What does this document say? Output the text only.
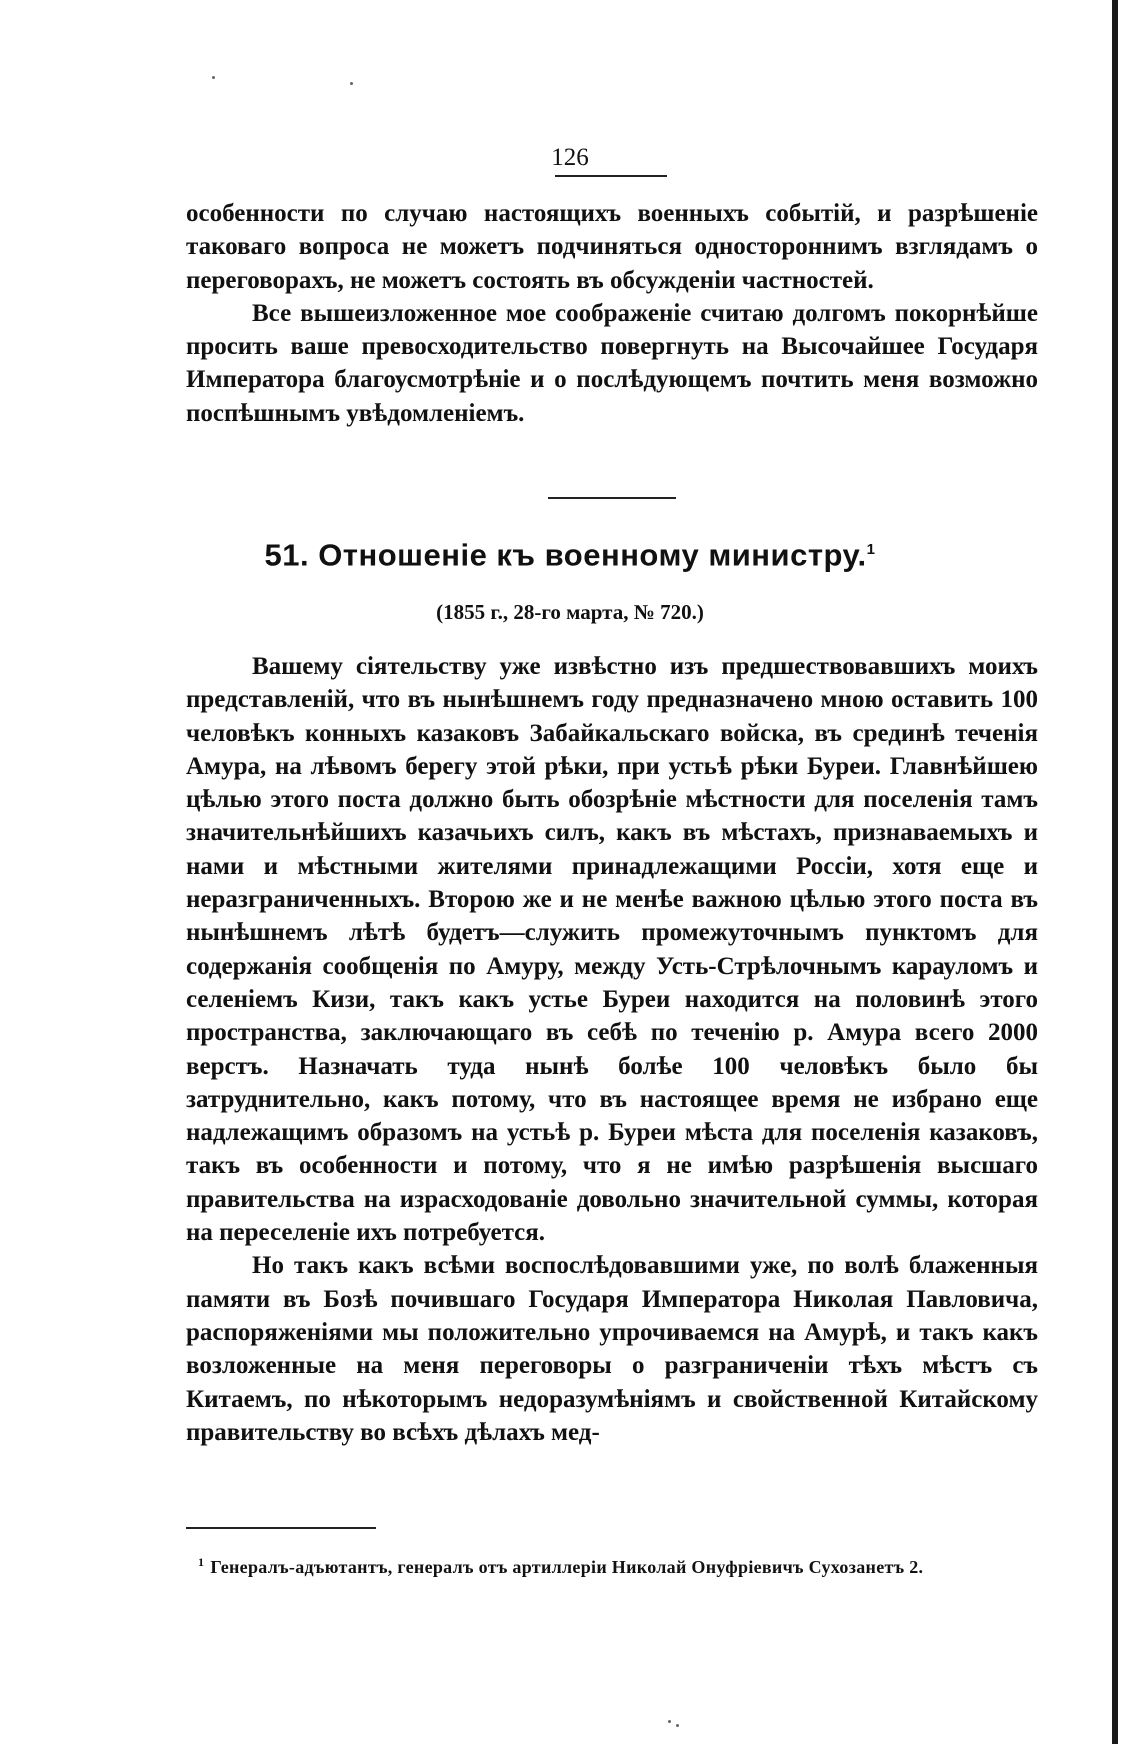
126

особенности по случаю настоящихъ военныхъ событій, и разрѣшеніе таковаго вопроса не можетъ подчиняться одностороннимъ взглядамъ о переговорахъ, не можетъ состоять въ обсужденіи частностей.

Все вышеизложенное мое соображеніе считаю долгомъ покорнѣйше просить ваше превосходительство повергнуть на Высочайшее Государя Императора благоусмотрѣніе и о послѣдующемъ почтить меня возможно поспѣшнымъ увѣдомленіемъ.

51. Отношеніе къ военному министру.$^1$
(1855 г., 28-го марта, № 720.)

Вашему сіятельству уже извѣстно изъ предшествовавшихъ моихъ представленій, что въ нынѣшнемъ году предназначено мною оставить 100 человѣкъ конныхъ казаковъ Забайкальскаго войска, въ срединѣ теченія Амура, на лѣвомъ берегу этой рѣки, при устьѣ рѣки Буреи. Главнѣйшею цѣлью этого поста должно быть обозрѣніе мѣстности для поселенія тамъ значительнѣйшихъ казачьихъ силъ, какъ въ мѣстахъ, признаваемыхъ и нами и мѣстными жителями принадлежащими Россіи, хотя еще и неразграниченныхъ. Второю же и не менѣе важною цѣлью этого поста въ нынѣшнемъ лѣтѣ будетъ—служить промежуточнымъ пунктомъ для содержанія сообщенія по Амуру, между Усть-Стрѣлочнымъ карауломъ и селеніемъ Кизи, такъ какъ устье Буреи находится на половинѣ этого пространства, заключающаго въ себѣ по теченію р. Амура всего 2000 верстъ. Назначать туда нынѣ болѣе 100 человѣкъ было бы затруднительно, какъ потому, что въ настоящее время не избрано еще надлежащимъ образомъ на устьѣ р. Буреи мѣста для поселенія казаковъ, такъ въ особенности и потому, что я не имѣю разрѣшенія высшаго правительства на израсходованіе довольно значительной суммы, которая на переселеніе ихъ потребуется.

Но такъ какъ всѣми воспослѣдовавшими уже, по волѣ блаженныя памяти въ Бозѣ почившаго Государя Императора Николая Павловича, распоряженіями мы положительно упрочиваемся на Амурѣ, и такъ какъ возложенные на меня переговоры о разграниченіи тѣхъ мѣстъ съ Китаемъ, по нѣкоторымъ недоразумѣніямъ и свойственной Китайскому правительству во всѣхъ дѣлахъ мед-

$^1$ Генералъ-адъютантъ, генералъ отъ артиллеріи Николай Онуфріевичъ Сухозанетъ 2.
